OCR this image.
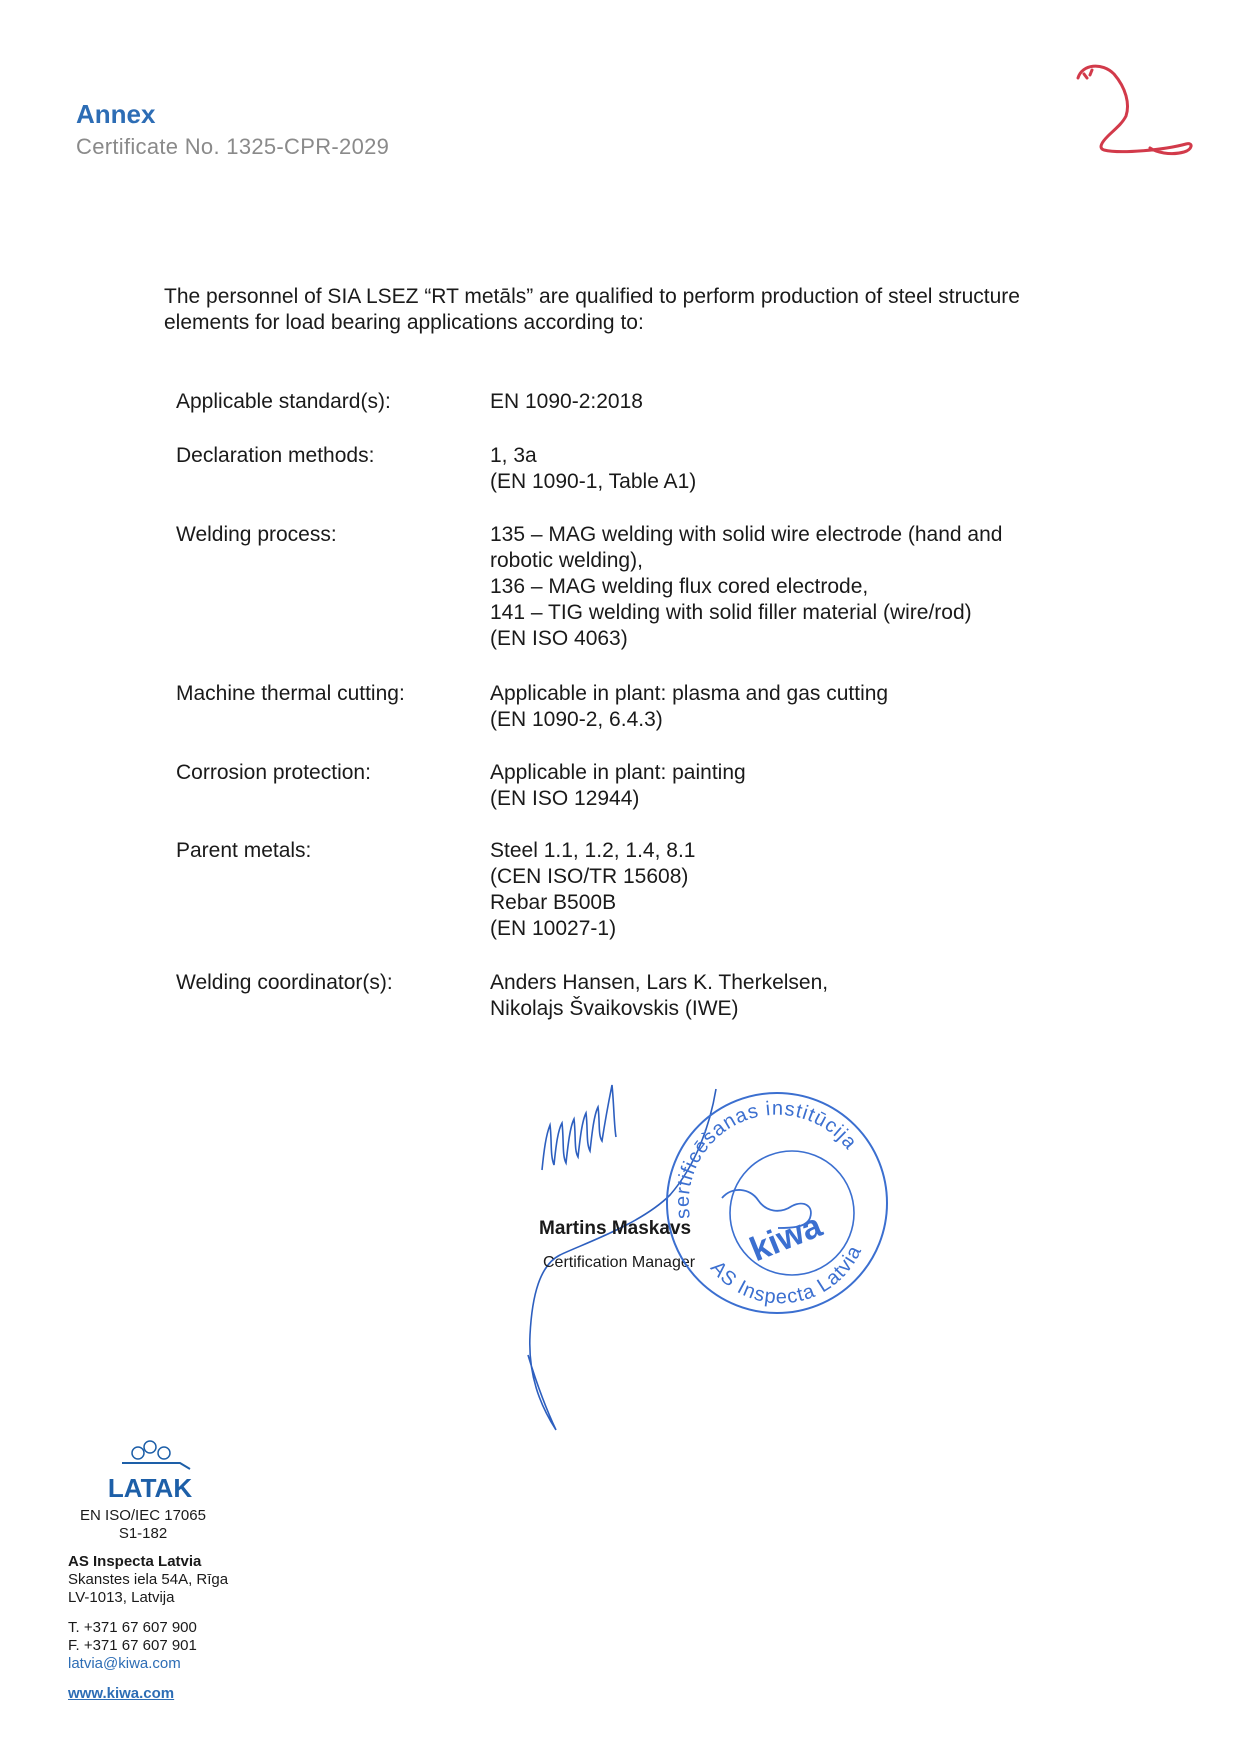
Annex
Certificate No. 1325-CPR-2029
The personnel of SIA LSEZ “RT metāls” are qualified to perform production of steel structure elements for load bearing applications according to:
Applicable standard(s):	EN 1090-2:2018
Declaration methods:	1, 3a
(EN 1090-1, Table A1)
Welding process:	135 – MAG welding with solid wire electrode (hand and
robotic welding),
136 – MAG welding flux cored electrode,
141 – TIG welding with solid filler material (wire/rod)
(EN ISO 4063)
Machine thermal cutting:	Applicable in plant: plasma and gas cutting
(EN 1090-2, 6.4.3)
Corrosion protection:	Applicable in plant: painting
(EN ISO 12944)
Parent metals:	Steel 1.1, 1.2, 1.4, 8.1
(CEN ISO/TR 15608)
Rebar B500B
(EN 10027-1)
Welding coordinator(s):	Anders Hansen, Lars K. Therkelsen,
Nikolajs Švaikovskis (IWE)
Martins Maskavs
Certification Manager
sertificēšanas institūcija
AS Inspecta Latvia
kiwa
LATAK
EN ISO/IEC 17065
S1-182
AS Inspecta Latvia
Skanstes iela 54A, Rīga
LV-1013, Latvija
T. +371 67 607 900
F. +371 67 607 901
latvia@kiwa.com
www.kiwa.com
